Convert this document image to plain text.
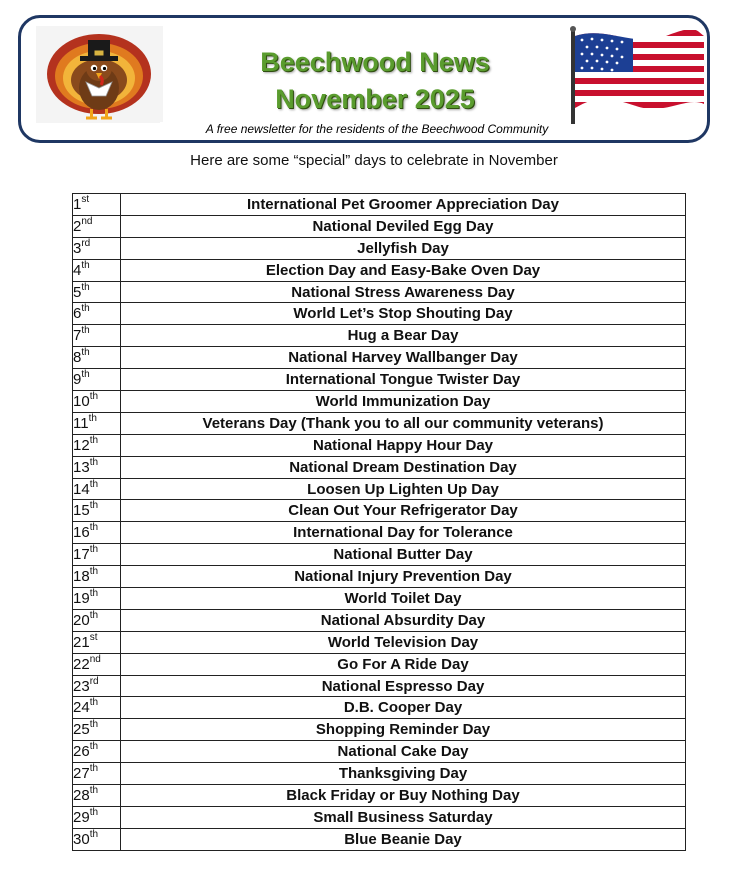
Beechwood News
November 2025
A free newsletter for the residents of the Beechwood Community
Here are some “special” days to celebrate in November
1st	International Pet Groomer Appreciation Day
2nd	National Deviled Egg Day
3rd	Jellyfish Day
4th	Election Day and Easy-Bake Oven Day
5th	National Stress Awareness Day
6th	World Let’s Stop Shouting Day
7th	Hug a Bear Day
8th	National Harvey Wallbanger Day
9th	International Tongue Twister Day
10th	World Immunization Day
11th	Veterans Day (Thank you to all our community veterans)
12th	National Happy Hour Day
13th	National Dream Destination Day
14th	Loosen Up Lighten Up Day
15th	Clean Out Your Refrigerator Day
16th	International Day for Tolerance
17th	National Butter Day
18th	National Injury Prevention Day
19th	World Toilet Day
20th	National Absurdity Day
21st	World Television Day
22nd	Go For A Ride Day
23rd	National Espresso Day
24th	D.B. Cooper Day
25th	Shopping Reminder Day
26th	National Cake Day
27th	Thanksgiving Day
28th	Black Friday or Buy Nothing Day
29th	Small Business Saturday
30th	Blue Beanie Day
